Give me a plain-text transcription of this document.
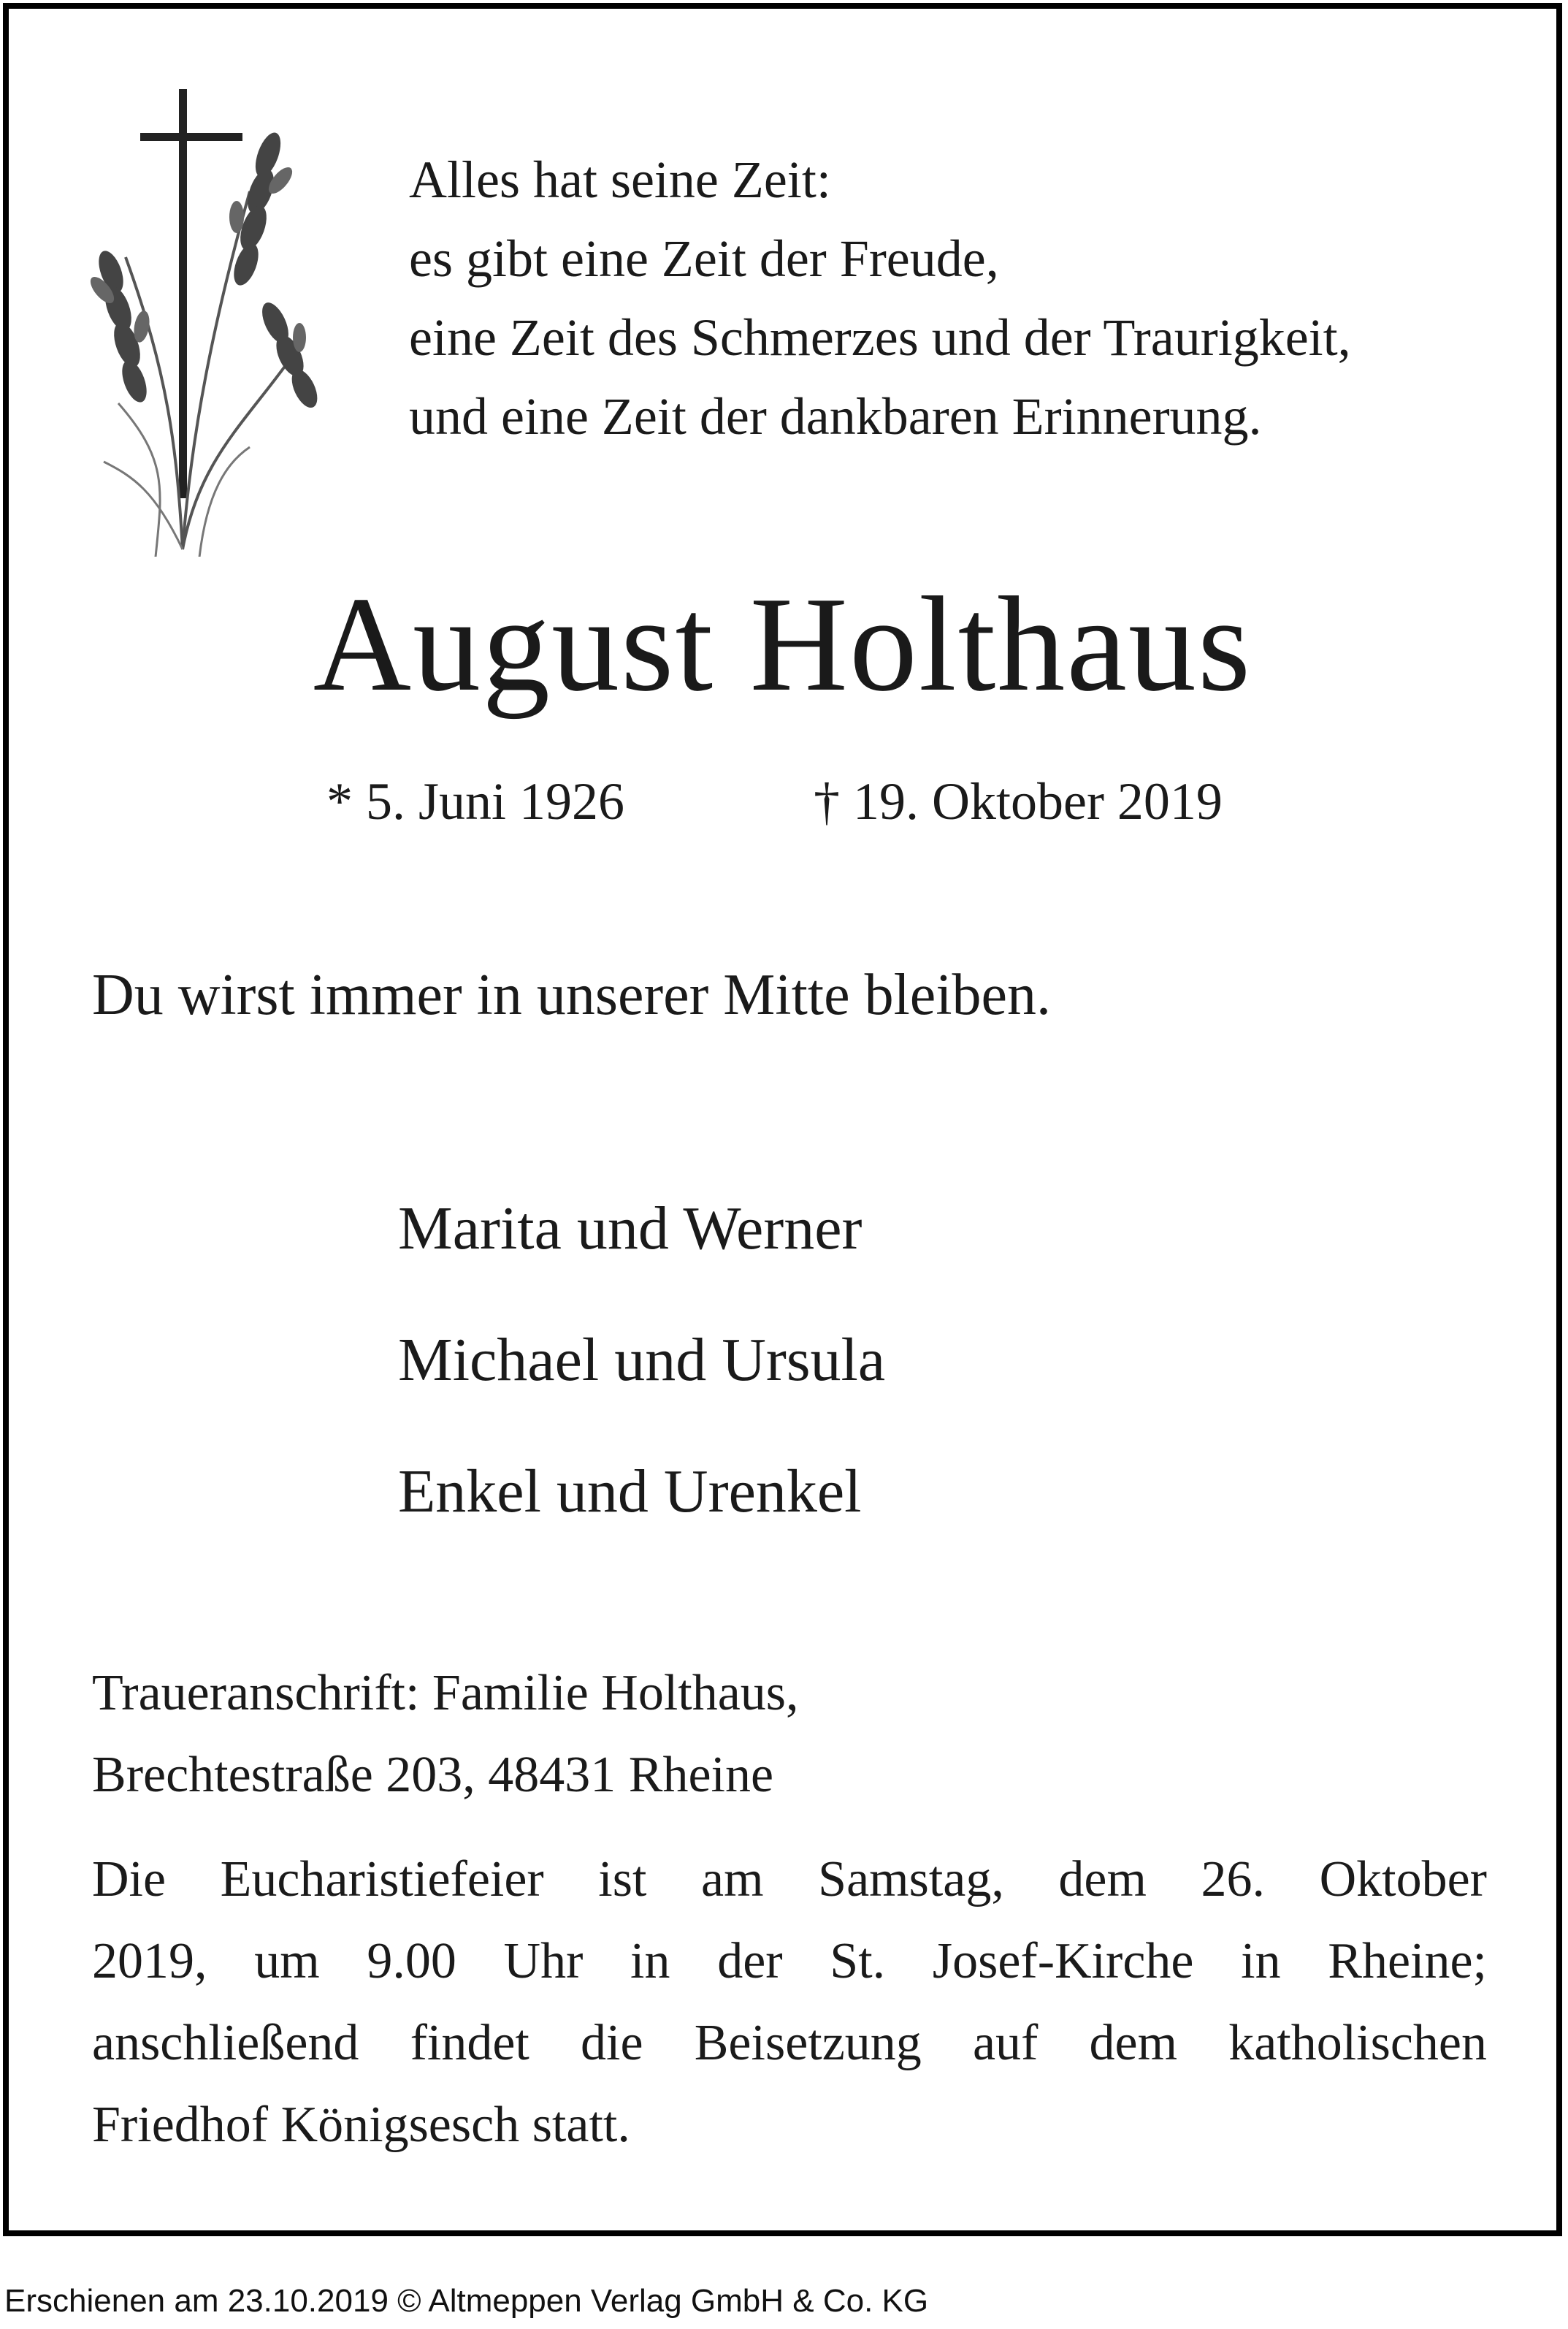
Alles hat seine Zeit:
es gibt eine Zeit der Freude,
eine Zeit des Schmerzes und der Traurigkeit,
und eine Zeit der dankbaren Erinnerung.
August Holthaus
* 5. Juni 1926	† 19. Oktober 2019
Du wirst immer in unserer Mitte bleiben.
Marita und Werner
Michael und Ursula
Enkel und Urenkel
Traueranschrift: Familie Holthaus,
Brechtestraße 203, 48431 Rheine
Die Eucharistiefeier ist am Samstag, dem 26. Oktober
2019, um 9.00 Uhr in der St. Josef-Kirche in Rheine;
anschließend findet die Beisetzung auf dem katholischen
Friedhof Königsesch statt.
Erschienen am 23.10.2019 © Altmeppen Verlag GmbH & Co. KG
